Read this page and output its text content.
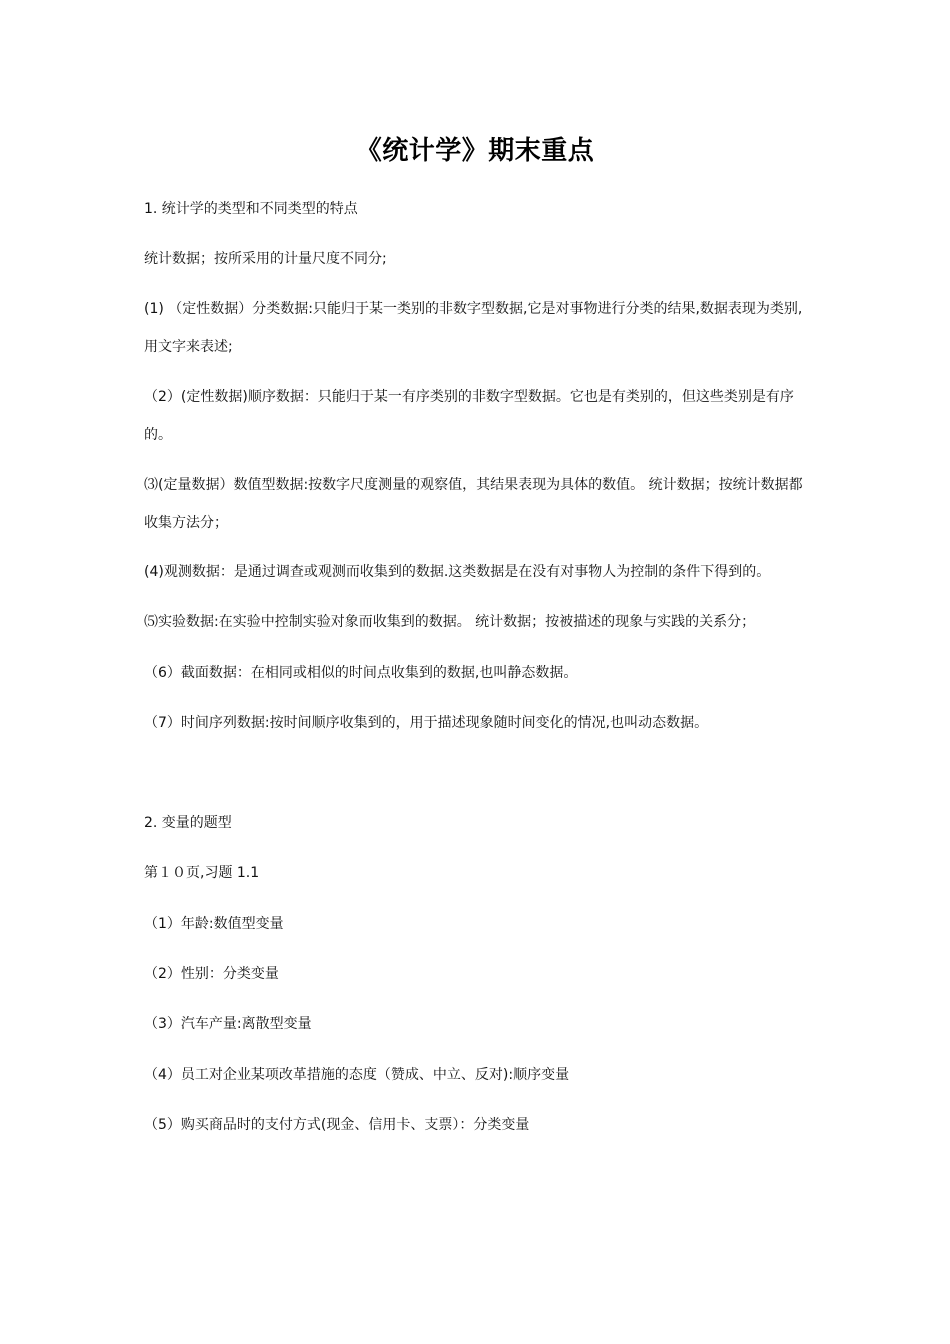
《统计学》期末重点
1. 统计学的类型和不同类型的特点
统计数据；按所采用的计量尺度不同分;
(1) （定性数据）分类数据:只能归于某一类别的非数字型数据,它是对事物进行分类的结果,数据表现为类别,用文字来表述;
（2）(定性数据)顺序数据：只能归于某一有序类别的非数字型数据。它也是有类别的，但这些类别是有序的。
⑶(定量数据）数值型数据:按数字尺度测量的观察值，其结果表现为具体的数值。 统计数据；按统计数据都收集方法分；
(4)观测数据：是通过调查或观测而收集到的数据.这类数据是在没有对事物人为控制的条件下得到的。
⑸实验数据:在实验中控制实验对象而收集到的数据。 统计数据；按被描述的现象与实践的关系分；
（6）截面数据：在相同或相似的时间点收集到的数据,也叫静态数据。
（7）时间序列数据:按时间顺序收集到的，用于描述现象随时间变化的情况,也叫动态数据。
2. 变量的题型
第１０页,习题 1.1
（1）年龄:数值型变量
（2）性别：分类变量
（3）汽车产量:离散型变量
（4）员工对企业某项改革措施的态度（赞成、中立、反对):顺序变量
（5）购买商品时的支付方式(现金、信用卡、支票）：分类变量
